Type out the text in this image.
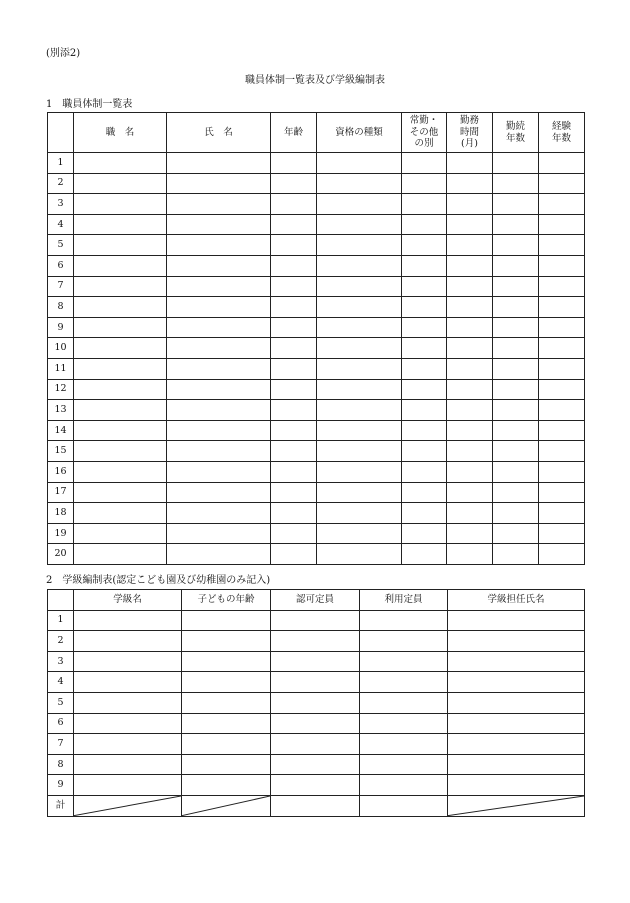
(別添2)
職員体制一覧表及び学級編制表
1　職員体制一覧表
	職　名	氏　名	年齢	資格の種類	常勤・
その他
の別	勤務
時間
(月)	勤続
年数	経験
年数
1								
2								
3								
4								
5								
6								
7								
8								
9								
10								
11								
12								
13								
14								
15								
16								
17								
18								
19								
20								
2　学級編制表(認定こども園及び幼稚園のみ記入)
	学級名	子どもの年齢	認可定員	利用定員	学級担任氏名
1					
2					
3					
4					
5					
6					
7					
8					
9					
計	
